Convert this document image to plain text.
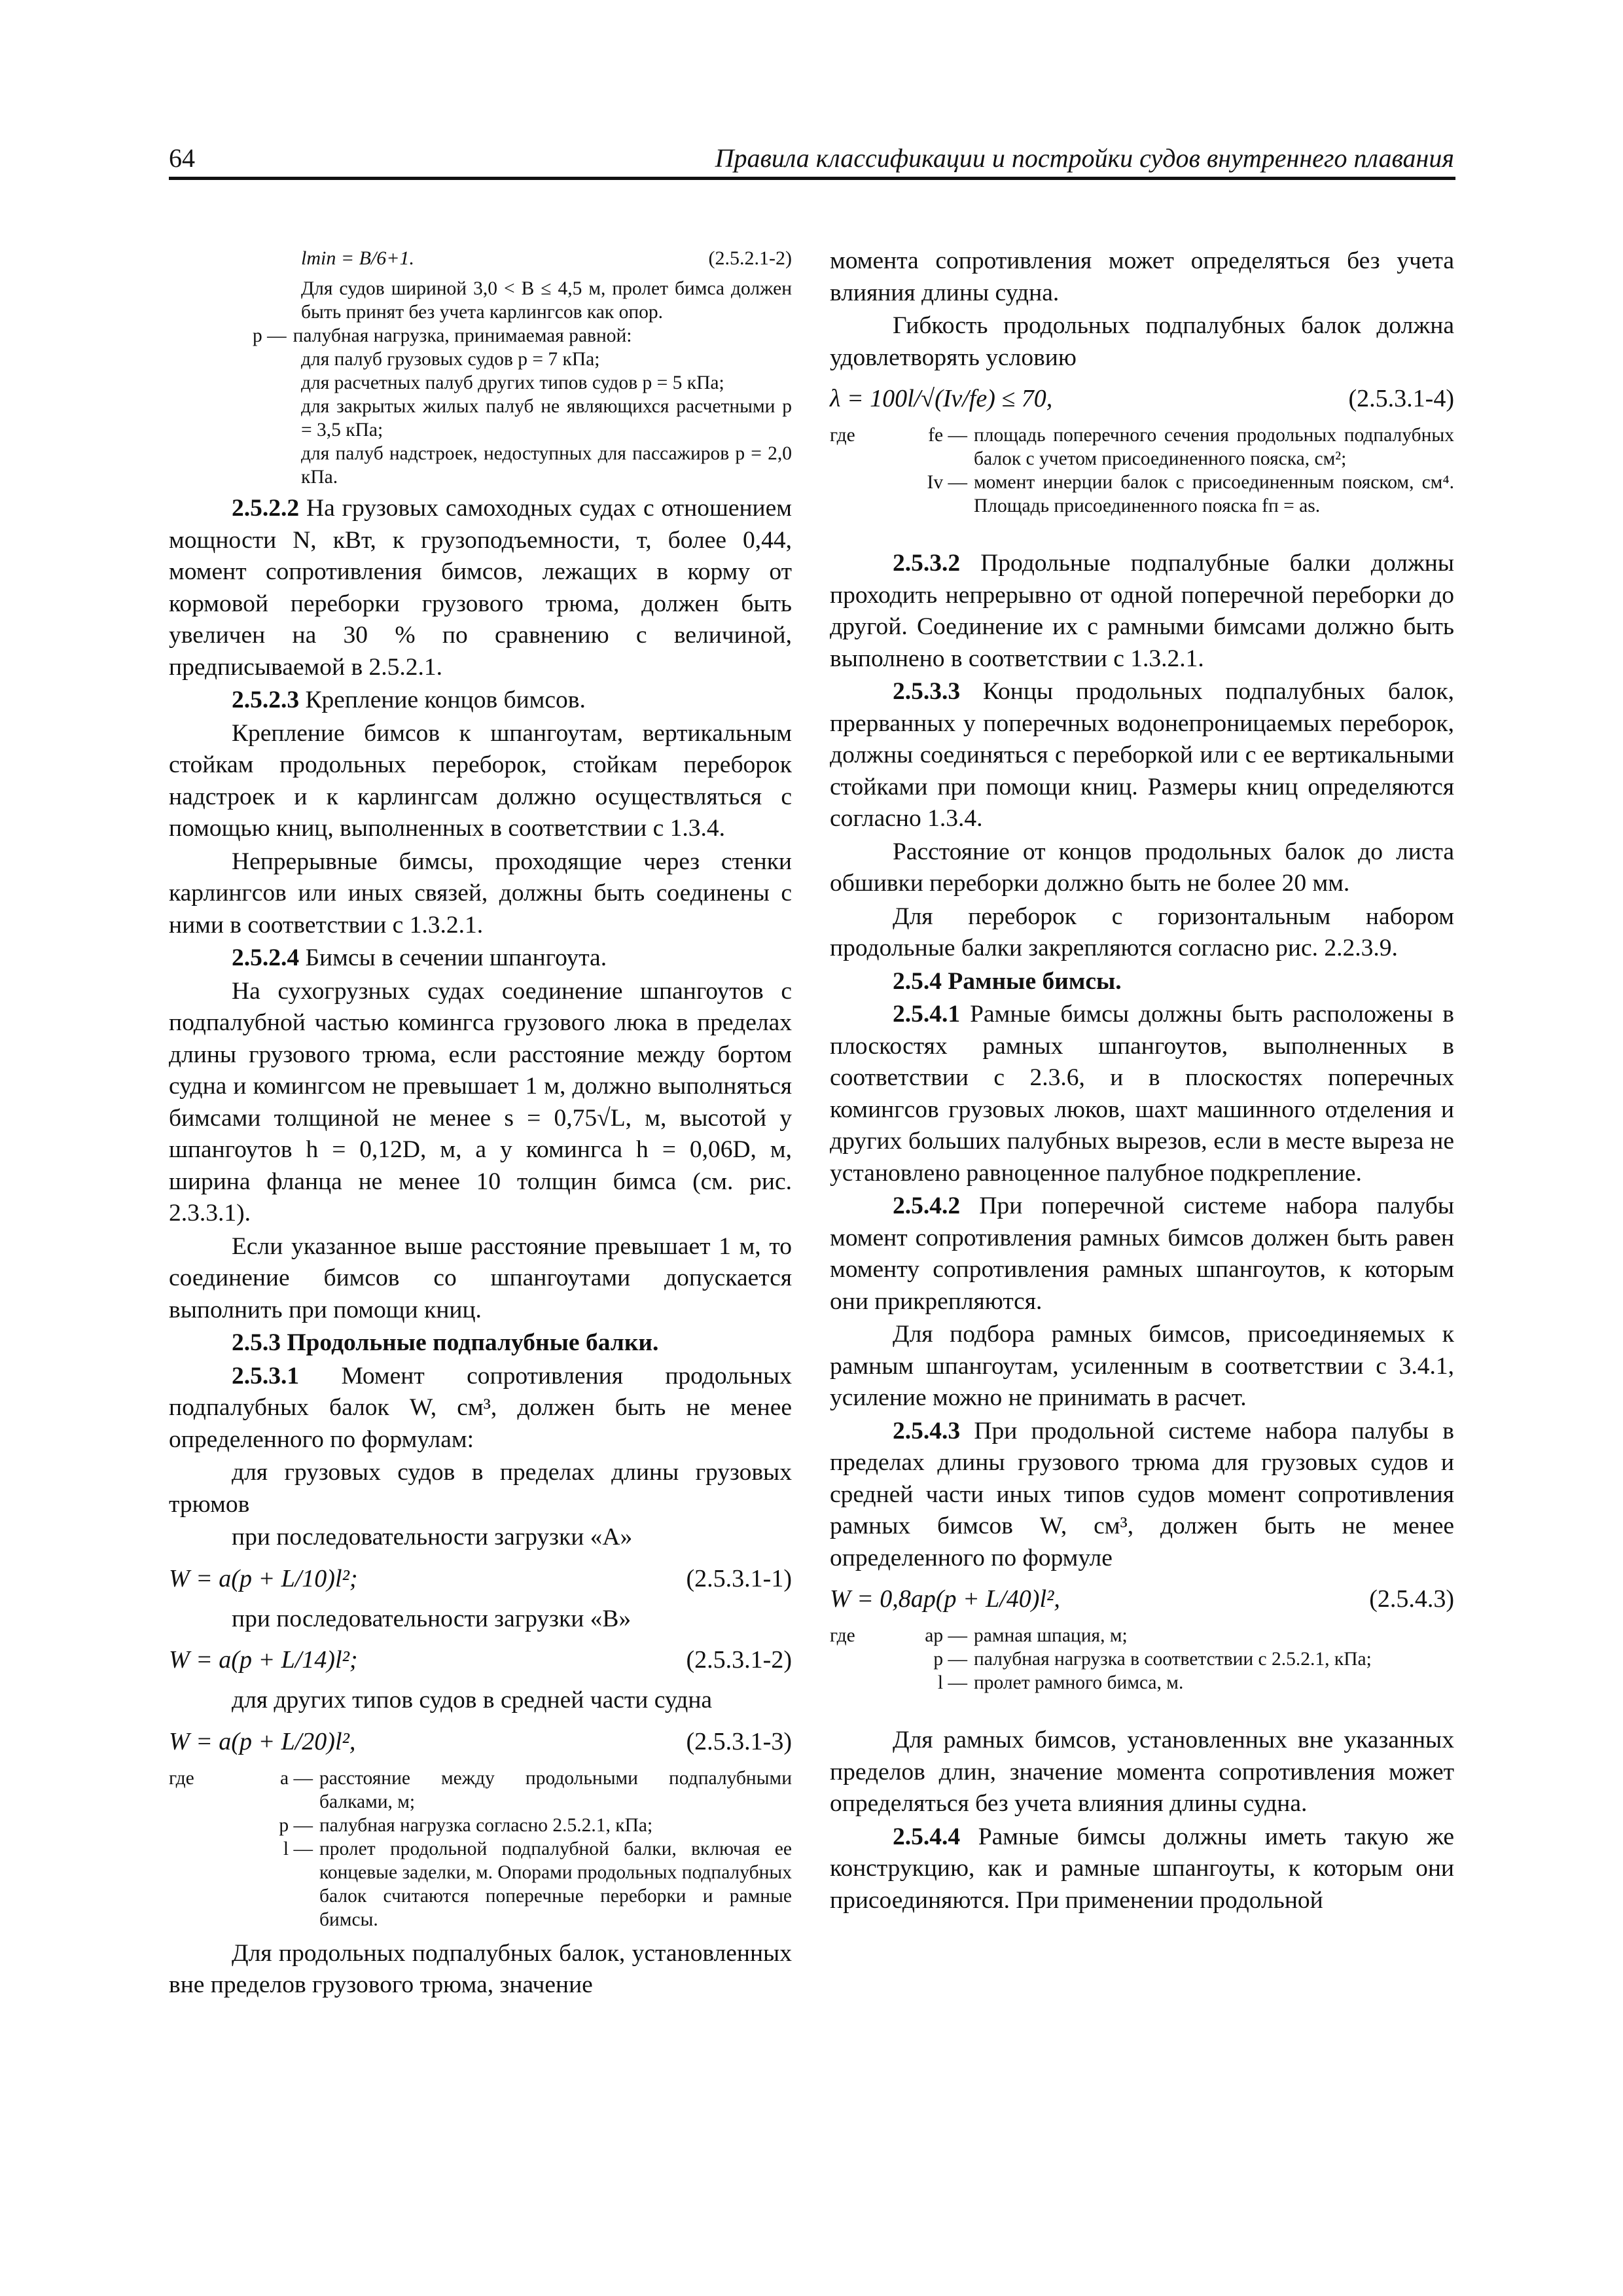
64	Правила классификации и постройки судов внутреннего плавания
lmin = B/6+1.	(2.5.2.1-2)

Для судов шириной 3,0 < B ≤ 4,5 м, пролет бимса должен быть принят без учета карлингсов как опор.

p — палубная нагрузка, принимаемая равной:

для палуб грузовых судов p = 7 кПа;

для расчетных палуб других типов судов p = 5 кПа;

для закрытых жилых палуб не являющихся расчетными p = 3,5 кПа;

для палуб надстроек, недоступных для пассажиров p = 2,0 кПа.

2.5.2.2 На грузовых самоходных судах с отношением мощности N, кВт, к грузоподъемности, т, более 0,44, момент сопротивления бимсов, лежащих в корму от кормовой переборки грузового трюма, должен быть увеличен на 30 % по сравнению с величиной, предписываемой в 2.5.2.1.

2.5.2.3 Крепление концов бимсов.

Крепление бимсов к шпангоутам, вертикальным стойкам продольных переборок, стойкам переборок надстроек и к карлингсам должно осуществляться с помощью книц, выполненных в соответствии с 1.3.4.

Непрерывные бимсы, проходящие через стенки карлингсов или иных связей, должны быть соединены с ними в соответствии с 1.3.2.1.

2.5.2.4 Бимсы в сечении шпангоута.

На сухогрузных судах соединение шпангоутов с подпалубной частью комингса грузового люка в пределах длины грузового трюма, если расстояние между бортом судна и комингсом не превышает 1 м, должно выполняться бимсами толщиной не менее s = 0,75√L, м, высотой у шпангоутов h = 0,12D, м, а у комингса h = 0,06D, м, ширина фланца не менее 10 толщин бимса (см. рис. 2.3.3.1).

Если указанное выше расстояние превышает 1 м, то соединение бимсов со шпангоутами допускается выполнить при помощи книц.

2.5.3 Продольные подпалубные балки.

2.5.3.1 Момент сопротивления продольных подпалубных балок W, см³, должен быть не менее определенного по формулам:

для грузовых судов в пределах длины грузовых трюмов

при последовательности загрузки «А»

W = a(p + L/10)l²;	(2.5.3.1-1)

при последовательности загрузки «В»

W = a(p + L/14)l²;	(2.5.3.1-2)

для других типов судов в средней части судна

W = a(p + L/20)l²,	(2.5.3.1-3)
где	a — расстояние между продольными подпалубными балками, м;
p — палубная нагрузка согласно 2.5.2.1, кПа;
l — пролет продольной подпалубной балки, включая ее концевые заделки, м. Опорами продольных подпалубных балок считаются поперечные переборки и рамные бимсы.

Для продольных подпалубных балок, установленных вне пределов грузового трюма, значение

момента сопротивления может определяться без учета влияния длины судна.

Гибкость продольных подпалубных балок должна удовлетворять условию

λ = 100l/√(Iv/fe) ≤ 70,	(2.5.3.1-4)
где	fe — площадь поперечного сечения продольных подпалубных балок с учетом присоединенного пояска, см²;
Iv — момент инерции балок с присоединенным пояском, см⁴. Площадь присоединенного пояска fп = as.

2.5.3.2 Продольные подпалубные балки должны проходить непрерывно от одной поперечной переборки до другой. Соединение их с рамными бимсами должно быть выполнено в соответствии с 1.3.2.1.

2.5.3.3 Концы продольных подпалубных балок, прерванных у поперечных водонепроницаемых переборок, должны соединяться с переборкой или с ее вертикальными стойками при помощи книц. Размеры книц определяются согласно 1.3.4.

Расстояние от концов продольных балок до листа обшивки переборки должно быть не более 20 мм.

Для переборок с горизонтальным набором продольные балки закрепляются согласно рис. 2.2.3.9.

2.5.4 Рамные бимсы.

2.5.4.1 Рамные бимсы должны быть расположены в плоскостях рамных шпангоутов, выполненных в соответствии с 2.3.6, и в плоскостях поперечных комингсов грузовых люков, шахт машинного отделения и других больших палубных вырезов, если в месте выреза не установлено равноценное палубное подкрепление.

2.5.4.2 При поперечной системе набора палубы момент сопротивления рамных бимсов должен быть равен моменту сопротивления рамных шпангоутов, к которым они прикрепляются.

Для подбора рамных бимсов, присоединяемых к рамным шпангоутам, усиленным в соответствии с 3.4.1, усиление можно не принимать в расчет.

2.5.4.3 При продольной системе набора палубы в пределах длины грузового трюма для грузовых судов и средней части иных типов судов момент сопротивления рамных бимсов W, см³, должен быть не менее определенного по формуле

W = 0,8aр(p + L/40)l²,	(2.5.4.3)
где	aр — рамная шпация, м;
p — палубная нагрузка в соответствии с 2.5.2.1, кПа;
l — пролет рамного бимса, м.

Для рамных бимсов, установленных вне указанных пределов длин, значение момента сопротивления может определяться без учета влияния длины судна.

2.5.4.4 Рамные бимсы должны иметь такую же конструкцию, как и рамные шпангоуты, к которым они присоединяются. При применении продольной
